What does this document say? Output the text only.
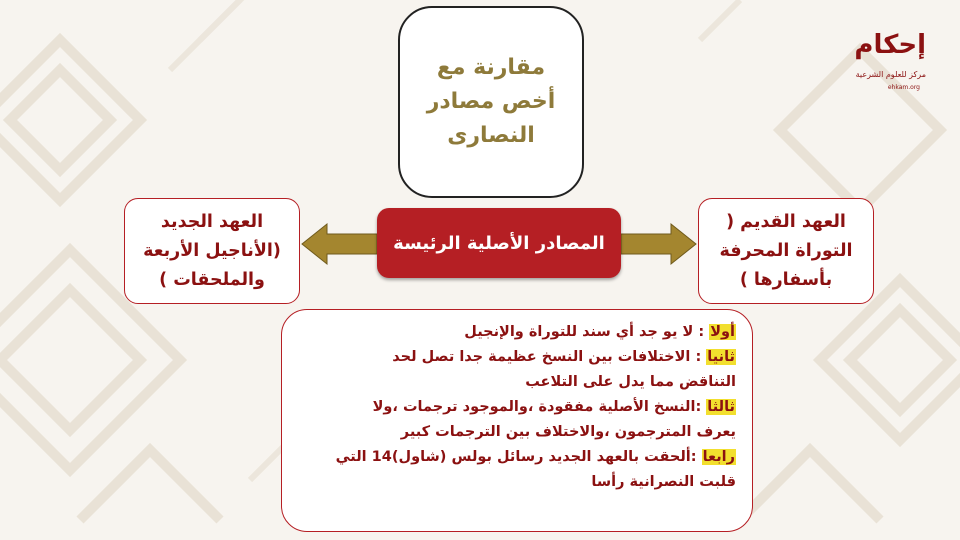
إحكام
مركز للعلوم الشرعية
ehkam.org
مقارنة مع
أخص مصادر
النصارى
المصادر الأصلية الرئيسة
العهد الجديد
(الأناجيل الأربعة
والملحقات )
العهد القديم (
التوراة المحرفة
بأسفارها )
أولا : لا يو جد أي سند للتوراة والإنجيل
ثانيا : الاختلافات بين النسخ عظيمة جدا تصل لحد
التناقض مما يدل على التلاعب
ثالثا :النسخ الأصلية مفقودة ،والموجود ترجمات ،ولا
يعرف المترجمون ،والاختلاف بين الترجمات كبير
رابعا :ألحقت بالعهد الجديد رسائل بولس (شاول)14 التي
قلبت النصرانية رأسا
